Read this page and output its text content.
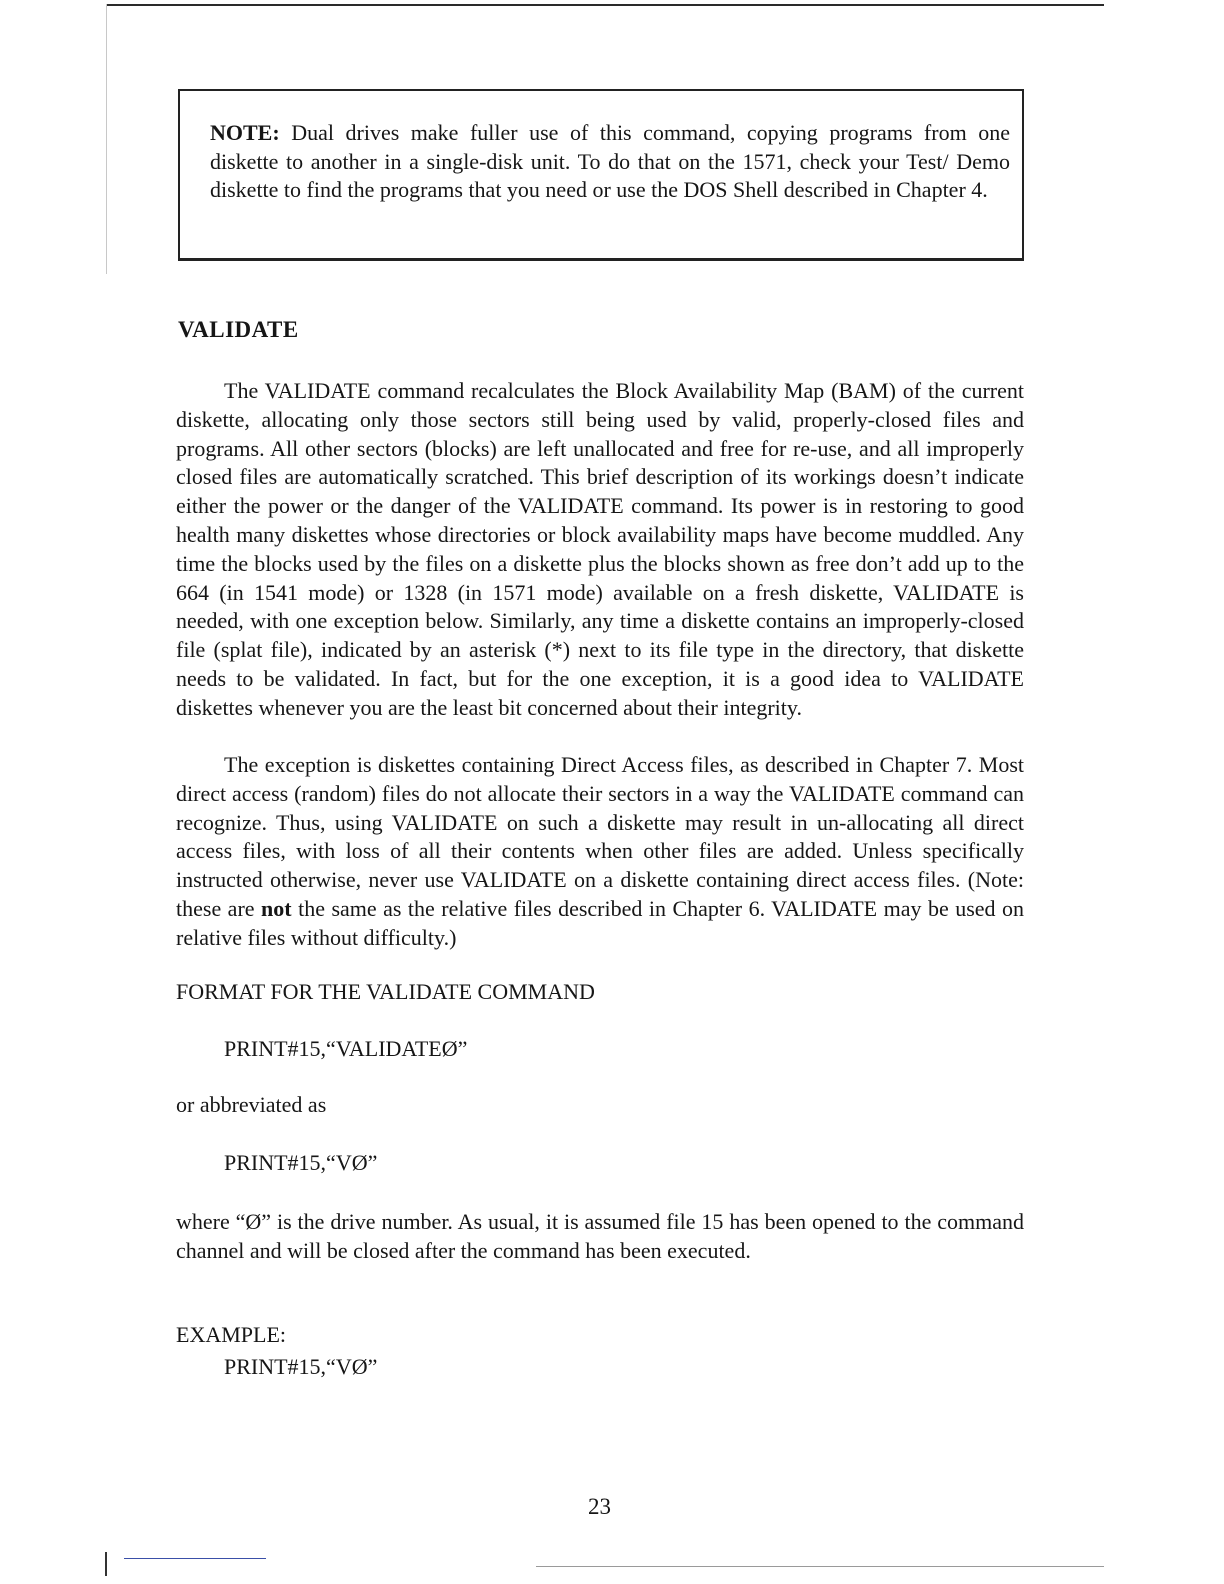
NOTE: Dual drives make fuller use of this command, copying programs from one diskette to another in a single-disk unit. To do that on the 1571, check your Test/ Demo diskette to find the programs that you need or use the DOS Shell described in Chapter 4.
VALIDATE

The VALIDATE command recalculates the Block Availability Map (BAM) of the current diskette, allocating only those sectors still being used by valid, properly-closed files and programs. All other sectors (blocks) are left unallocated and free for re-use, and all improperly closed files are automatically scratched. This brief description of its workings doesn’t indicate either the power or the danger of the VALIDATE command. Its power is in restoring to good health many diskettes whose directories or block availability maps have become muddled. Any time the blocks used by the files on a diskette plus the blocks shown as free don’t add up to the 664 (in 1541 mode) or 1328 (in 1571 mode) available on a fresh diskette, VALIDATE is needed, with one exception below. Similarly, any time a diskette contains an improperly-closed file (splat file), indicated by an asterisk (*) next to its file type in the directory, that diskette needs to be validated. In fact, but for the one exception, it is a good idea to VALIDATE diskettes whenever you are the least bit concerned about their integrity.

The exception is diskettes containing Direct Access files, as described in Chapter 7. Most direct access (random) files do not allocate their sectors in a way the VALIDATE command can recognize. Thus, using VALIDATE on such a diskette may result in un-allocating all direct access files, with loss of all their contents when other files are added. Unless specifically instructed otherwise, never use VALIDATE on a diskette containing direct access files. (Note: these are not the same as the relative files described in Chapter 6. VALIDATE may be used on relative files without difficulty.)

FORMAT FOR THE VALIDATE COMMAND

PRINT#15,“VALIDATEØ”

or abbreviated as

PRINT#15,“VØ”

where “Ø” is the drive number. As usual, it is assumed file 15 has been opened to the command channel and will be closed after the command has been executed.

EXAMPLE:

PRINT#15,“VØ”

23
